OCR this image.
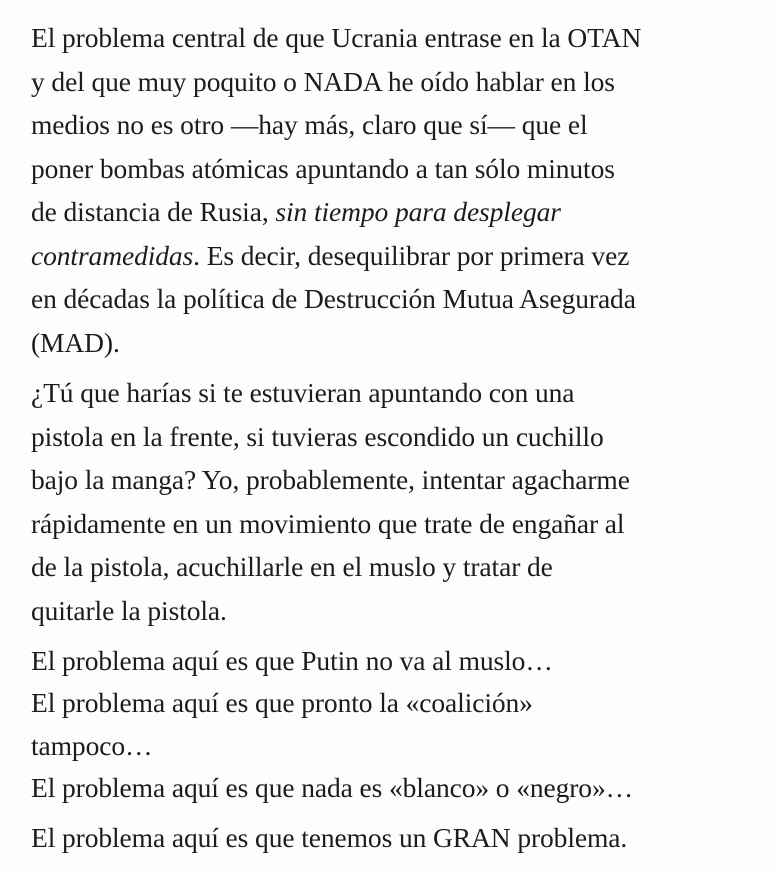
El problema central de que Ucrania entrase en la OTAN
y del que muy poquito o NADA he oído hablar en los
medios no es otro —hay más, claro que sí— que el
poner bombas atómicas apuntando a tan sólo minutos
de distancia de Rusia, sin tiempo para desplegar
contramedidas. Es decir, desequilibrar por primera vez
en décadas la política de Destrucción Mutua Asegurada
(MAD).

¿Tú que harías si te estuvieran apuntando con una
pistola en la frente, si tuvieras escondido un cuchillo
bajo la manga? Yo, probablemente, intentar agacharme
rápidamente en un movimiento que trate de engañar al
de la pistola, acuchillarle en el muslo y tratar de
quitarle la pistola.

El problema aquí es que Putin no va al muslo…
El problema aquí es que pronto la «coalición»
tampoco…
El problema aquí es que nada es «blanco» o «negro»…

El problema aquí es que tenemos un GRAN problema.
